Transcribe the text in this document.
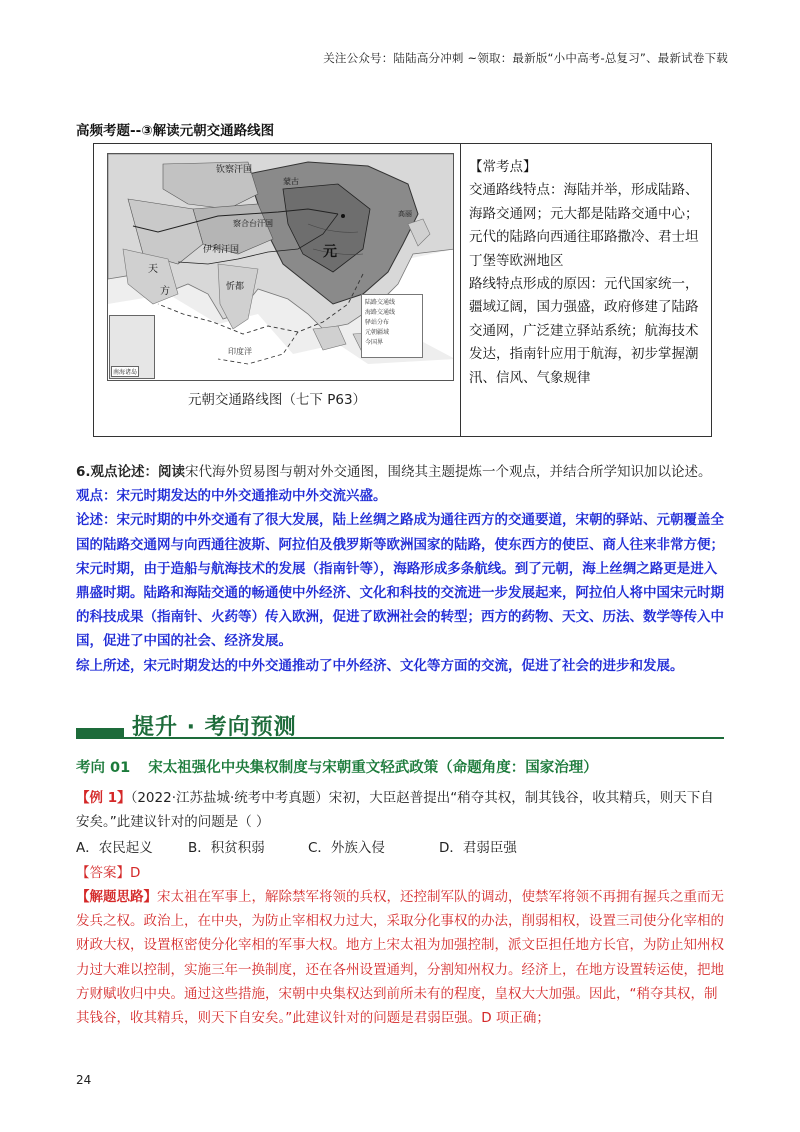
关注公众号：陆陆高分冲刺 ~领取：最新版“小中高考-总复习”、最新试卷下载
高频考题--③解读元朝交通路线图
钦察汗国
察合台汗国
伊利汗国	元
天
方	忻都
高丽
印度洋
蒙古
南海诸岛
陆路交通线
海路交通线
驿站分布
元朝疆域
今国界
元朝交通路线图（七下 P63）
【常考点】
交通路线特点：海陆并举，形成陆路、海路交通网；元大都是陆路交通中心；元代的陆路向西通往耶路撒冷、君士坦丁堡等欧洲地区
路线特点形成的原因：元代国家统一，疆域辽阔，国力强盛，政府修建了陆路交通网，广泛建立驿站系统；航海技术发达，指南针应用于航海，初步掌握潮汛、信风、气象规律
6.观点论述：阅读宋代海外贸易图与朝对外交通图，围绕其主题提炼一个观点，并结合所学知识加以论述。
观点：宋元时期发达的中外交通推动中外交流兴盛。
论述：宋元时期的中外交通有了很大发展，陆上丝绸之路成为通往西方的交通要道，宋朝的驿站、元朝覆盖全国的陆路交通网与向西通往波斯、阿拉伯及俄罗斯等欧洲国家的陆路，使东西方的使臣、商人往来非常方便；宋元时期，由于造船与航海技术的发展（指南针等），海路形成多条航线。到了元朝，海上丝绸之路更是进入鼎盛时期。陆路和海陆交通的畅通使中外经济、文化和科技的交流进一步发展起来，阿拉伯人将中国宋元时期的科技成果（指南针、火药等）传入欧洲，促进了欧洲社会的转型；西方的药物、天文、历法、数学等传入中国，促进了中国的社会、经济发展。
综上所述，宋元时期发达的中外交通推动了中外经济、文化等方面的交流，促进了社会的进步和发展。
提升 · 考向预测
考向 01 宋太祖强化中央集权制度与宋朝重文轻武政策（命题角度：国家治理）
【例 1】（2022·江苏盐城·统考中考真题）宋初，大臣赵普提出“稍夺其权，制其钱谷，收其精兵，则天下自安矣。”此建议针对的问题是（ ）
A．农民起义	B．积贫积弱	C．外族入侵	D．君弱臣强
【答案】D
【解题思路】宋太祖在军事上，解除禁军将领的兵权，还控制军队的调动，使禁军将领不再拥有握兵之重而无发兵之权。政治上，在中央，为防止宰相权力过大，采取分化事权的办法，削弱相权，设置三司使分化宰相的财政大权，设置枢密使分化宰相的军事大权。地方上宋太祖为加强控制，派文臣担任地方长官，为防止知州权力过大难以控制，实施三年一换制度，还在各州设置通判，分割知州权力。经济上，在地方设置转运使，把地方财赋收归中央。通过这些措施，宋朝中央集权达到前所未有的程度，皇权大大加强。因此，“稍夺其权，制其钱谷，收其精兵，则天下自安矣。”此建议针对的问题是君弱臣强。D 项正确；
24
